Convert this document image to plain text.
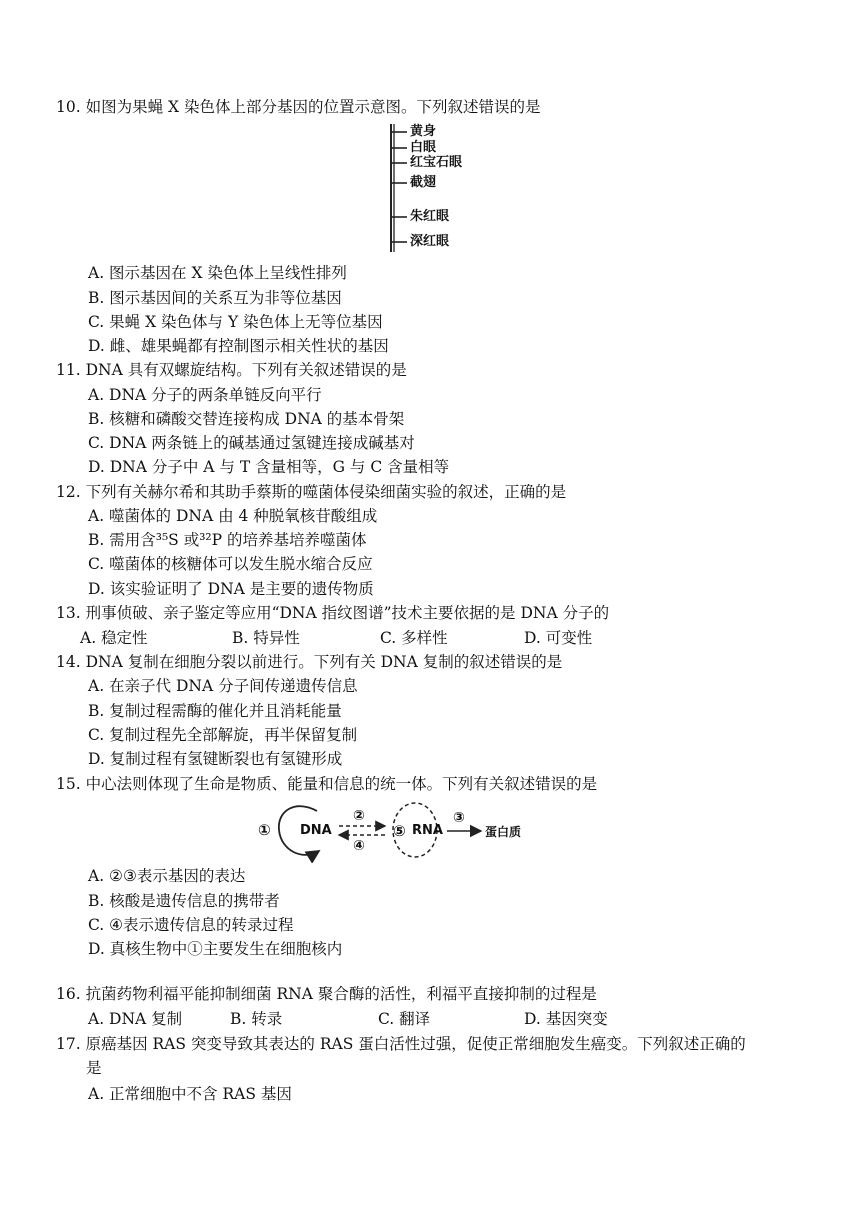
10. 如图为果蝇 X 染色体上部分基因的位置示意图。下列叙述错误的是
黄身
白眼
红宝石眼
截翅
朱红眼
深红眼
A. 图示基因在 X 染色体上呈线性排列
B. 图示基因间的关系互为非等位基因
C. 果蝇 X 染色体与 Y 染色体上无等位基因
D. 雌、雄果蝇都有控制图示相关性状的基因
11. DNA 具有双螺旋结构。下列有关叙述错误的是
A. DNA 分子的两条单链反向平行
B. 核糖和磷酸交替连接构成 DNA 的基本骨架
C. DNA 两条链上的碱基通过氢键连接成碱基对
D. DNA 分子中 A 与 T 含量相等，G 与 C 含量相等
12. 下列有关赫尔希和其助手蔡斯的噬菌体侵染细菌实验的叙述，正确的是
A. 噬菌体的 DNA 由 4 种脱氧核苷酸组成
B. 需用含³⁵S 或³²P 的培养基培养噬菌体
C. 噬菌体的核糖体可以发生脱水缩合反应
D. 该实验证明了 DNA 是主要的遗传物质
13. 刑事侦破、亲子鉴定等应用“DNA 指纹图谱”技术主要依据的是 DNA 分子的
A. 稳定性	B. 特异性	C. 多样性	D. 可变性
14. DNA 复制在细胞分裂以前进行。下列有关 DNA 复制的叙述错误的是
A. 在亲子代 DNA 分子间传递遗传信息
B. 复制过程需酶的催化并且消耗能量
C. 复制过程先全部解旋，再半保留复制
D. 复制过程有氢键断裂也有氢键形成
15. 中心法则体现了生命是物质、能量和信息的统一体。下列有关叙述错误的是
① DNA
②
④
⑤ RNA
③
蛋白质
A. ②③表示基因的表达
B. 核酸是遗传信息的携带者
C. ④表示遗传信息的转录过程
D. 真核生物中①主要发生在细胞核内
16. 抗菌药物利福平能抑制细菌 RNA 聚合酶的活性，利福平直接抑制的过程是
A. DNA 复制	B. 转录	C. 翻译	D. 基因突变
17. 原癌基因 RAS 突变导致其表达的 RAS 蛋白活性过强，促使正常细胞发生癌变。下列叙述正确的
是
A. 正常细胞中不含 RAS 基因
